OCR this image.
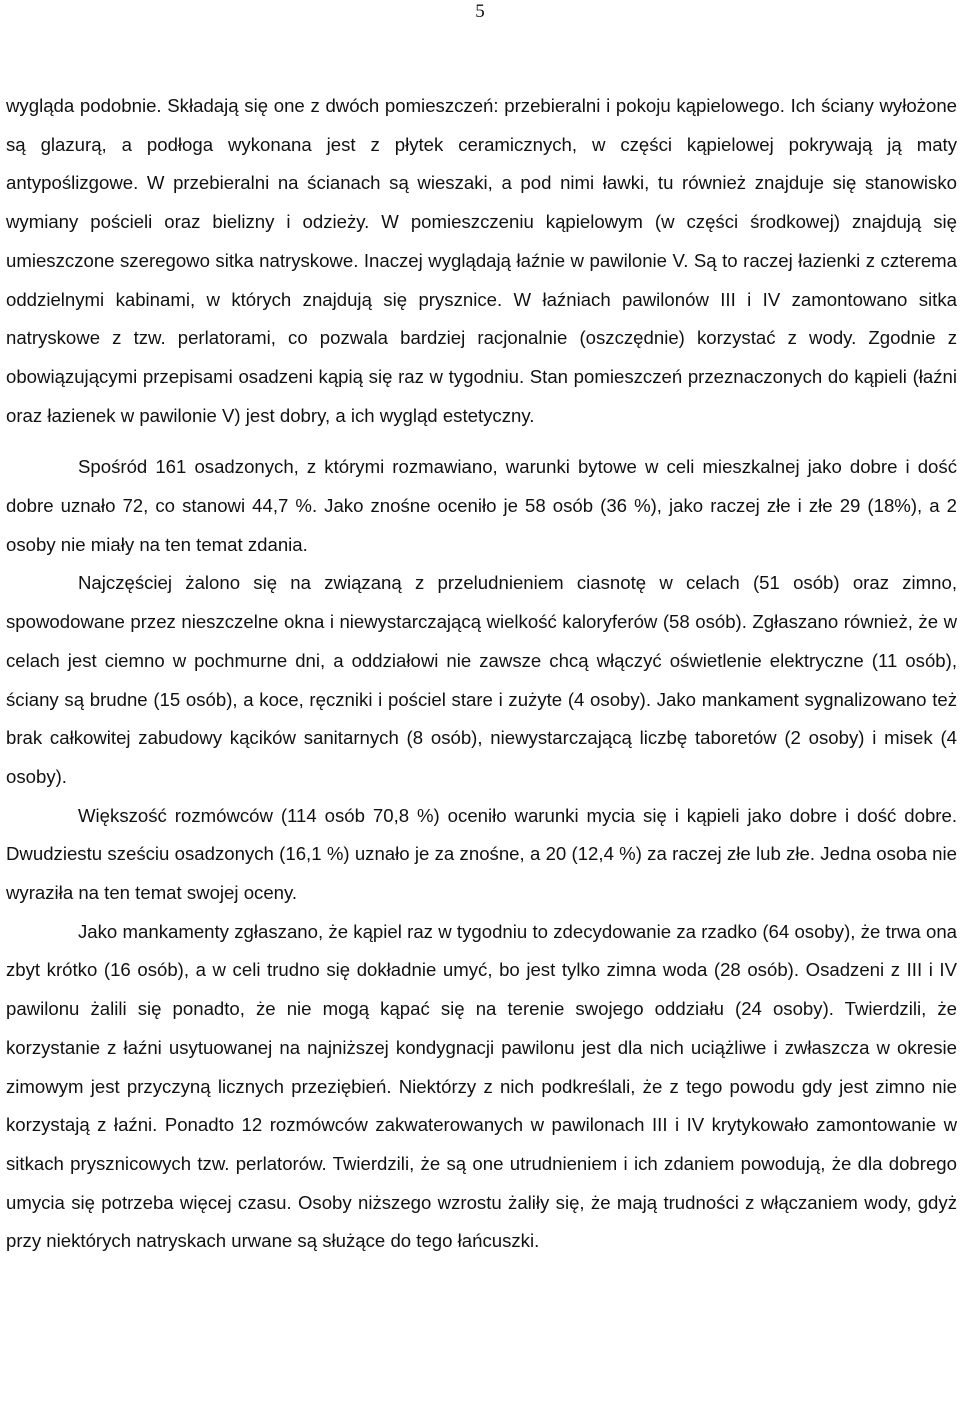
5

wygląda podobnie. Składają się one z dwóch pomieszczeń: przebieralni i pokoju kąpielowego. Ich ściany wyłożone są glazurą, a podłoga wykonana jest z płytek ceramicznych, w części kąpielowej pokrywają ją maty antypoślizgowe. W przebieralni na ścianach są wieszaki, a pod nimi ławki, tu również znajduje się stanowisko wymiany pościeli oraz bielizny i odzieży. W pomieszczeniu kąpielowym (w części środkowej) znajdują się umieszczone szeregowo sitka natryskowe. Inaczej wyglądają łaźnie w pawilonie V. Są to raczej łazienki z czterema oddzielnymi kabinami, w których znajdują się prysznice. W łaźniach pawilonów III i IV zamontowano sitka natryskowe z tzw. perlatorami, co pozwala bardziej racjonalnie (oszczędnie) korzystać z wody. Zgodnie z obowiązującymi przepisami osadzeni kąpią się raz w tygodniu. Stan pomieszczeń przeznaczonych do kąpieli (łaźni oraz łazienek w pawilonie V) jest dobry, a ich wygląd estetyczny.

Spośród 161 osadzonych, z którymi rozmawiano, warunki bytowe w celi mieszkalnej jako dobre i dość dobre uznało 72, co stanowi 44,7 %. Jako znośne oceniło je 58 osób (36 %), jako raczej złe i złe 29 (18%), a 2 osoby nie miały na ten temat zdania.

Najczęściej żalono się na związaną z przeludnieniem ciasnotę w celach (51 osób) oraz zimno, spowodowane przez nieszczelne okna i niewystarczającą wielkość kaloryferów (58 osób). Zgłaszano również, że w celach jest ciemno w pochmurne dni, a oddziałowi nie zawsze chcą włączyć oświetlenie elektryczne (11 osób), ściany są brudne (15 osób), a koce, ręczniki i pościel stare i zużyte (4 osoby). Jako mankament sygnalizowano też brak całkowitej zabudowy kącików sanitarnych (8 osób), niewystarczającą liczbę taboretów (2 osoby) i misek (4 osoby).

Większość rozmówców (114 osób 70,8 %) oceniło warunki mycia się i kąpieli jako dobre i dość dobre. Dwudziestu sześciu osadzonych (16,1 %) uznało je za znośne, a 20 (12,4 %) za raczej złe lub złe. Jedna osoba nie wyraziła na ten temat swojej oceny.

Jako mankamenty zgłaszano, że kąpiel raz w tygodniu to zdecydowanie za rzadko (64 osoby), że trwa ona zbyt krótko (16 osób), a w celi trudno się dokładnie umyć, bo jest tylko zimna woda (28 osób). Osadzeni z III i IV pawilonu żalili się ponadto, że nie mogą kąpać się na terenie swojego oddziału (24 osoby). Twierdzili, że korzystanie z łaźni usytuowanej na najniższej kondygnacji pawilonu jest dla nich uciążliwe i zwłaszcza w okresie zimowym jest przyczyną licznych przeziębień. Niektórzy z nich podkreślali, że z tego powodu gdy jest zimno nie korzystają z łaźni. Ponadto 12 rozmówców zakwaterowanych w pawilonach III i IV krytykowało zamontowanie w sitkach prysznicowych tzw. perlatorów. Twierdzili, że są one utrudnieniem i ich zdaniem powodują, że dla dobrego umycia się potrzeba więcej czasu. Osoby niższego wzrostu żaliły się, że mają trudności z włączaniem wody, gdyż przy niektórych natryskach urwane są służące do tego łańcuszki.
